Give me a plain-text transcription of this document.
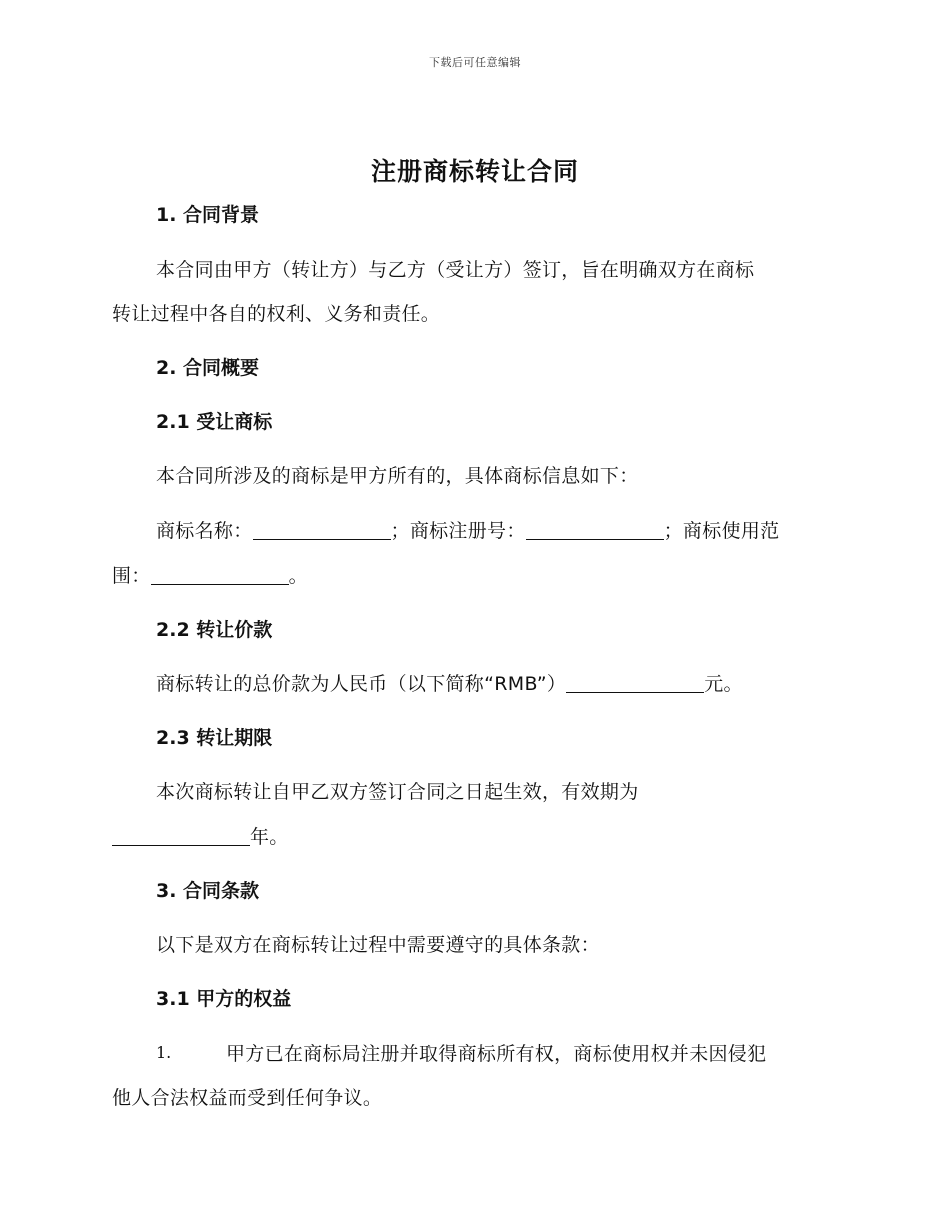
下载后可任意编辑
注册商标转让合同
1. 合同背景
本合同由甲方（转让方）与乙方（受让方）签订，旨在明确双方在商标
转让过程中各自的权利、义务和责任。
2. 合同概要
2.1 受让商标
本合同所涉及的商标是甲方所有的，具体商标信息如下：
商标名称：	；商标注册号：	；商标使用范
围：	。
2.2 转让价款
商标转让的总价款为人民币（以下简称“RMB”）	元。
2.3 转让期限
本次商标转让自甲乙双方签订合同之日起生效，有效期为
年。
3. 合同条款
以下是双方在商标转让过程中需要遵守的具体条款：
3.1 甲方的权益
1.	甲方已在商标局注册并取得商标所有权，商标使用权并未因侵犯
他人合法权益而受到任何争议。
